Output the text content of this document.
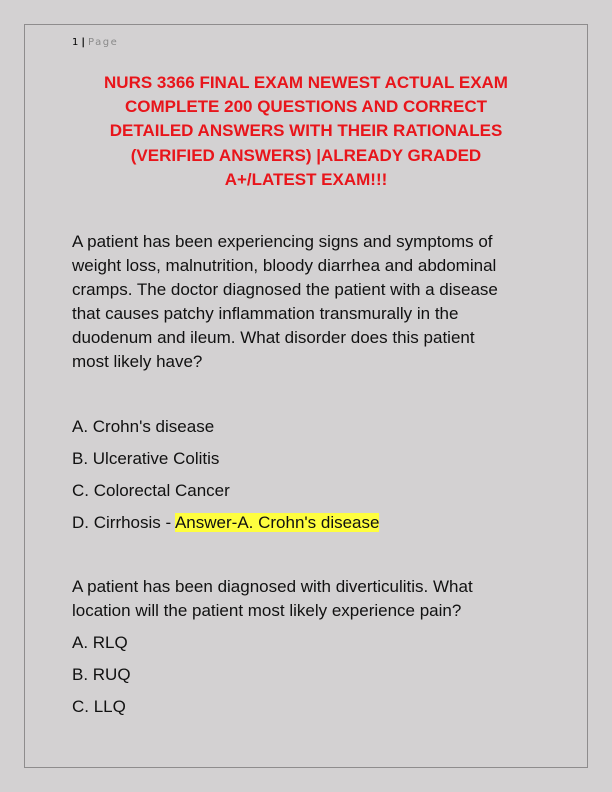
1 | Page
NURS 3366 FINAL EXAM NEWEST ACTUAL EXAM
COMPLETE 200 QUESTIONS AND CORRECT
DETAILED ANSWERS WITH THEIR RATIONALES
(VERIFIED ANSWERS) |ALREADY GRADED
A+/LATEST EXAM!!!
A patient has been experiencing signs and symptoms of
weight loss, malnutrition, bloody diarrhea and abdominal
cramps. The doctor diagnosed the patient with a disease
that causes patchy inflammation transmurally in the
duodenum and ileum. What disorder does this patient
most likely have?
A. Crohn's disease
B. Ulcerative Colitis
C. Colorectal Cancer
D. Cirrhosis - Answer-A. Crohn's disease
A patient has been diagnosed with diverticulitis. What
location will the patient most likely experience pain?
A. RLQ
B. RUQ
C. LLQ
